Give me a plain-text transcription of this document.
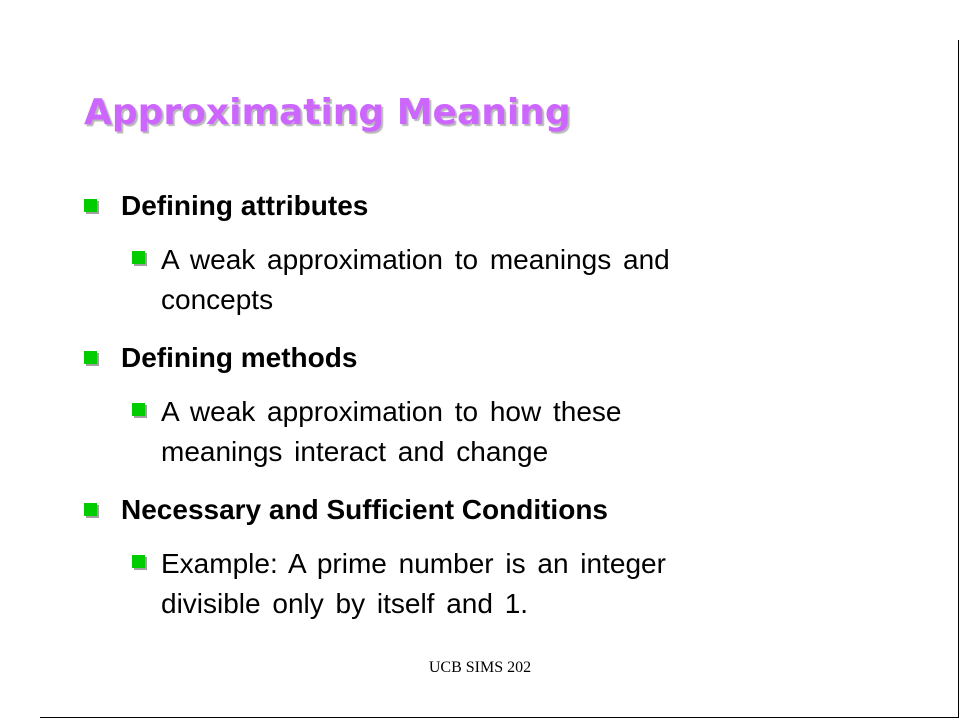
Approximating Meaning
Defining attributes
A weak approximation to meanings and
concepts
Defining methods
A weak approximation to how these
meanings interact and change
Necessary and Sufficient Conditions
Example: A prime number is an integer
divisible only by itself and 1.
UCB SIMS 202
